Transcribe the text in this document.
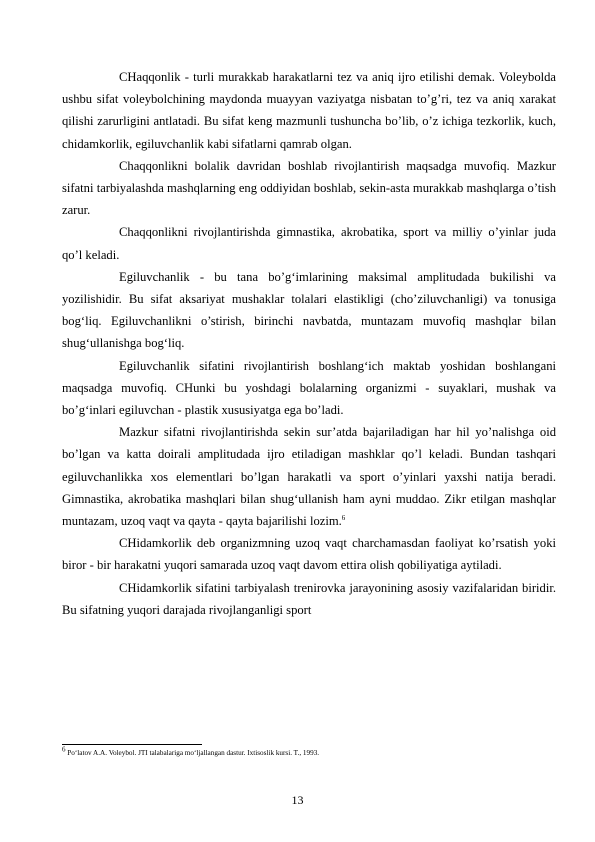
CHaqqonlik - turli murakkab harakatlarni tez va aniq ijro etilishi demak. Voleybolda ushbu sifat voleybolchining maydonda muayyan vaziyatga nisbatan to’g’ri, tez va aniq xarakat qilishi zarurligini antlatadi. Bu sifat keng mazmunli tushuncha bo’lib, o’z ichiga tezkorlik, kuch, chidamkorlik, egiluvchanlik kabi sifatlarni qamrab olgan.

Chaqqonlikni bolalik davridan boshlab rivojlantirish maqsadga muvofiq. Mazkur sifatni tarbiyalashda mashqlarning eng oddiyidan boshlab, sekin-asta murakkab mashqlarga o’tish zarur.

Chaqqonlikni rivojlantirishda gimnastika, akrobatika, sport va milliy o’yinlar juda qo’l keladi.

Egiluvchanlik - bu tana bo’g‘imlarining maksimal amplitudada bukilishi va yozilishidir. Bu sifat aksariyat mushaklar tolalari elastikligi (cho’ziluvchanligi) va tonusiga bog‘liq. Egiluvchanlikni o’stirish, birinchi navbatda, muntazam muvofiq mashqlar bilan shug‘ullanishga bog‘liq.

Egiluvchanlik sifatini rivojlantirish boshlang‘ich maktab yoshidan boshlangani maqsadga muvofiq. CHunki bu yoshdagi bolalarning organizmi - suyaklari, mushak va bo’g‘inlari egiluvchan - plastik xususiyatga ega bo’ladi.

Mazkur sifatni rivojlantirishda sekin sur’atda bajariladigan har hil yo’nalishga oid bo’lgan va katta doirali amplitudada ijro etiladigan mashklar qo’l keladi. Bundan tashqari egiluvchanlikka xos elementlari bo’lgan harakatli va sport o’yinlari yaxshi natija beradi. Gimnastika, akrobatika mashqlari bilan shug‘ullanish ham ayni muddao. Zikr etilgan mashqlar muntazam, uzoq vaqt va qayta - qayta bajarilishi lozim.$^6$

CHidamkorlik deb organizmning uzoq vaqt charchamasdan faoliyat ko’rsatish yoki biror - bir harakatni yuqori samarada uzoq vaqt davom ettira olish qobiliyatiga aytiladi.

CHidamkorlik sifatini tarbiyalash trenirovka jarayonining asosiy vazifalaridan biridir. Bu sifatning yuqori darajada rivojlanganligi sport

$^6$ Po‘latov A.A. Voleybol. JTI talabalariga mo‘ljallangan dastur. Ixtisoslik kursi. T., 1993.
13
